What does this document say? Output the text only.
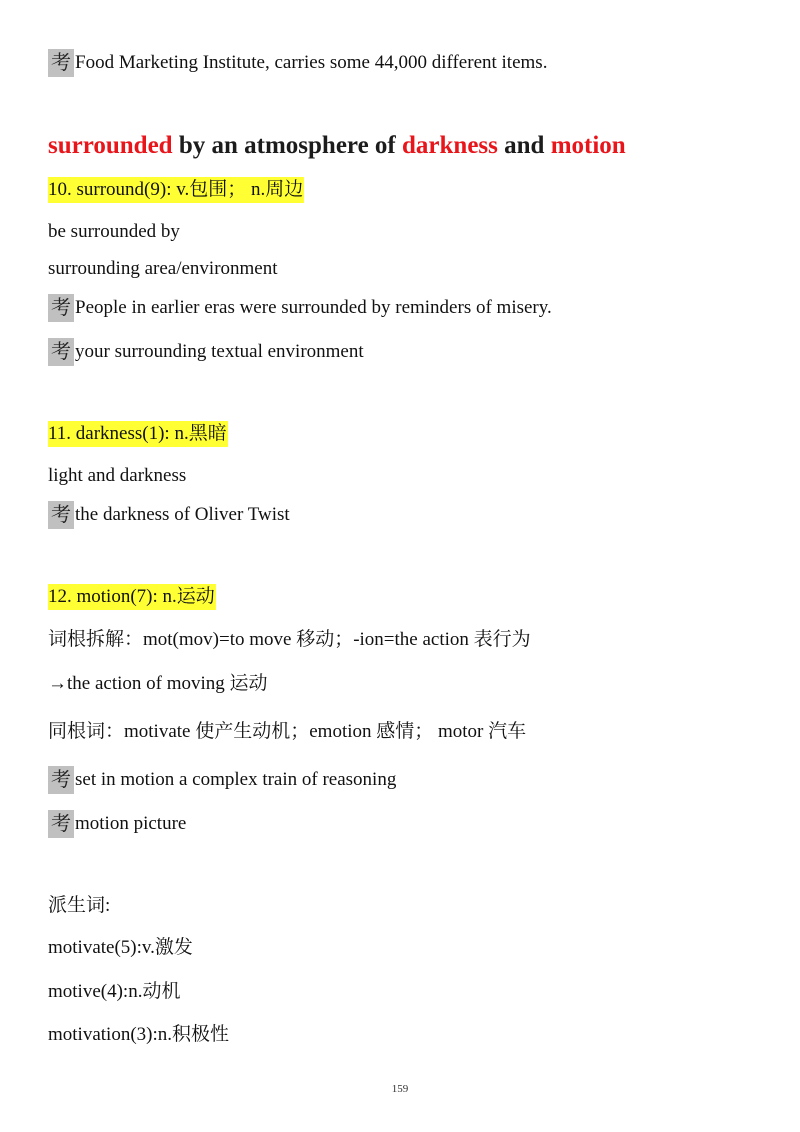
考 Food Marketing Institute, carries some 44,000 different items.
surrounded by an atmosphere of darkness and motion
10. surround(9): v.包围； n.周边
be surrounded by
surrounding area/environment
考 People in earlier eras were surrounded by reminders of misery.
考 your surrounding textual environment
11. darkness(1): n.黑暗
light and darkness
考 the darkness of Oliver Twist
12. motion(7): n.运动
词根拆解：mot(mov)=to move 移动；-ion=the action 表行为
→the action of moving 运动
同根词：motivate 使产生动机；emotion 感情； motor 汽车
考 set in motion a complex train of reasoning
考 motion picture
派生词:
motivate(5):v.激发
motive(4):n.动机
motivation(3):n.积极性
159
